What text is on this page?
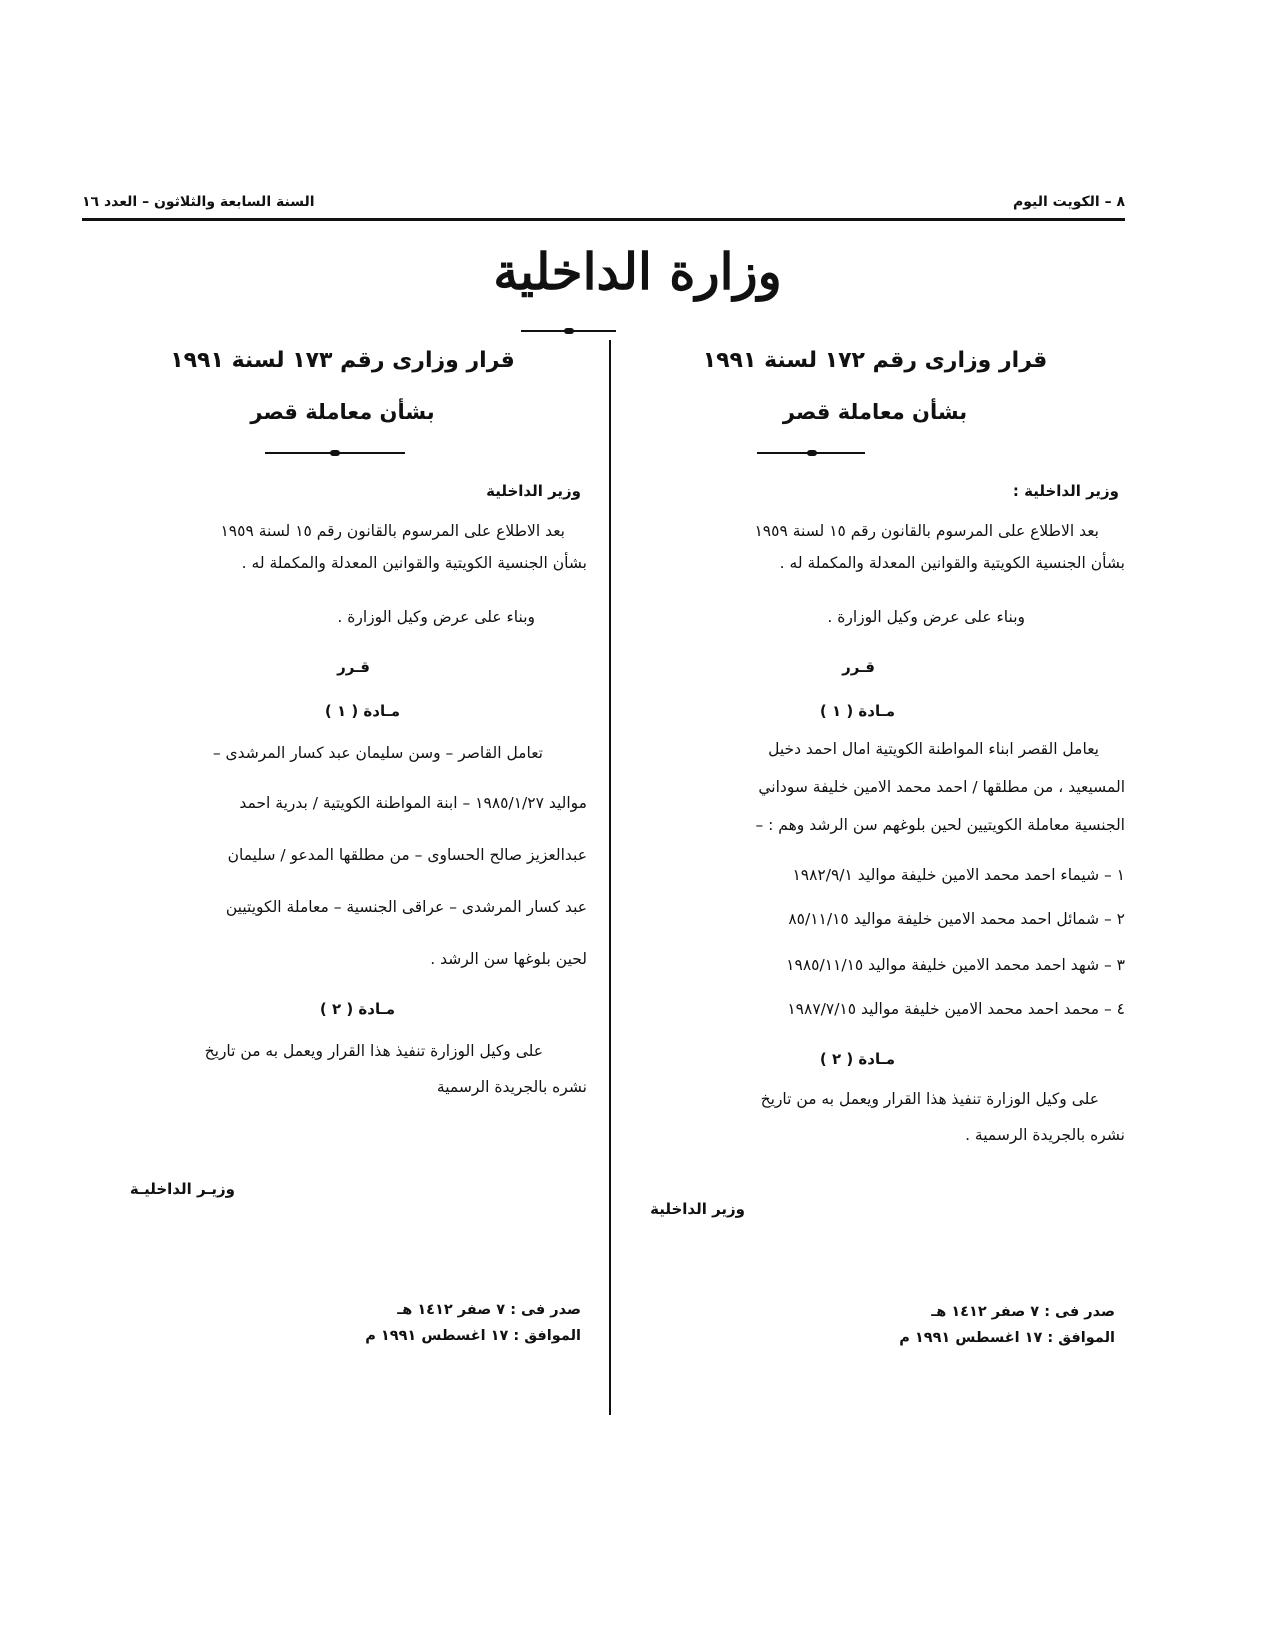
٨ – الكويت اليوم
السنة السابعة والثلاثون – العدد ١٦
وزارة الداخلية
قرار وزارى رقم ١٧٢ لسنة ١٩٩١
بشأن معاملة قصر
وزير الداخلية :
بعد الاطلاع على المرسوم بالقانون رقم ١٥ لسنة ١٩٥٩
بشأن الجنسية الكويتية والقوانين المعدلة والمكملة له .
وبناء على عرض وكيل الوزارة .
قـرر
مـادة ( ١ )
يعامل القصر ابناء المواطنة الكويتية امال احمد دخيل
المسيعيد ، من مطلقها / احمد محمد الامين خليفة سوداني
الجنسية معاملة الكويتيين لحين بلوغهم سن الرشد وهم : –
١ – شيماء احمد محمد الامين خليفة مواليد ١٩٨٢/٩/١
٢ – شمائل احمد محمد الامين خليفة مواليد ٨٥/١١/١٥
٣ – شهد احمد محمد الامين خليفة مواليد ١٩٨٥/١١/١٥
٤ – محمد احمد محمد الامين خليفة مواليد ١٩٨٧/٧/١٥
مـادة ( ٢ )
على وكيل الوزارة تنفيذ هذا القرار ويعمل به من تاريخ
نشره بالجريدة الرسمية .
وزير الداخلية
صدر فى : ٧ صفر ١٤١٢ هـ
الموافق : ١٧ اغسطس ١٩٩١ م
قرار وزارى رقم ١٧٣ لسنة ١٩٩١
بشأن معاملة قصر
وزير الداخلية
بعد الاطلاع على المرسوم بالقانون رقم ١٥ لسنة ١٩٥٩
بشأن الجنسية الكويتية والقوانين المعدلة والمكملة له .
وبناء على عرض وكيل الوزارة .
قـرر
مـادة ( ١ )
تعامل القاصر – وسن سليمان عبد كسار المرشدى –
مواليد ١٩٨٥/١/٢٧ – ابنة المواطنة الكويتية / بدرية احمد
عبدالعزيز صالح الحساوى – من مطلقها المدعو / سليمان
عبد كسار المرشدى – عراقى الجنسية – معاملة الكويتيين
لحين بلوغها سن الرشد .
مـادة ( ٢ )
على وكيل الوزارة تنفيذ هذا القرار ويعمل به من تاريخ
نشره بالجريدة الرسمية
وزيـر الداخليـة
صدر فى : ٧ صفر ١٤١٢ هـ
الموافق : ١٧ اغسطس ١٩٩١ م
